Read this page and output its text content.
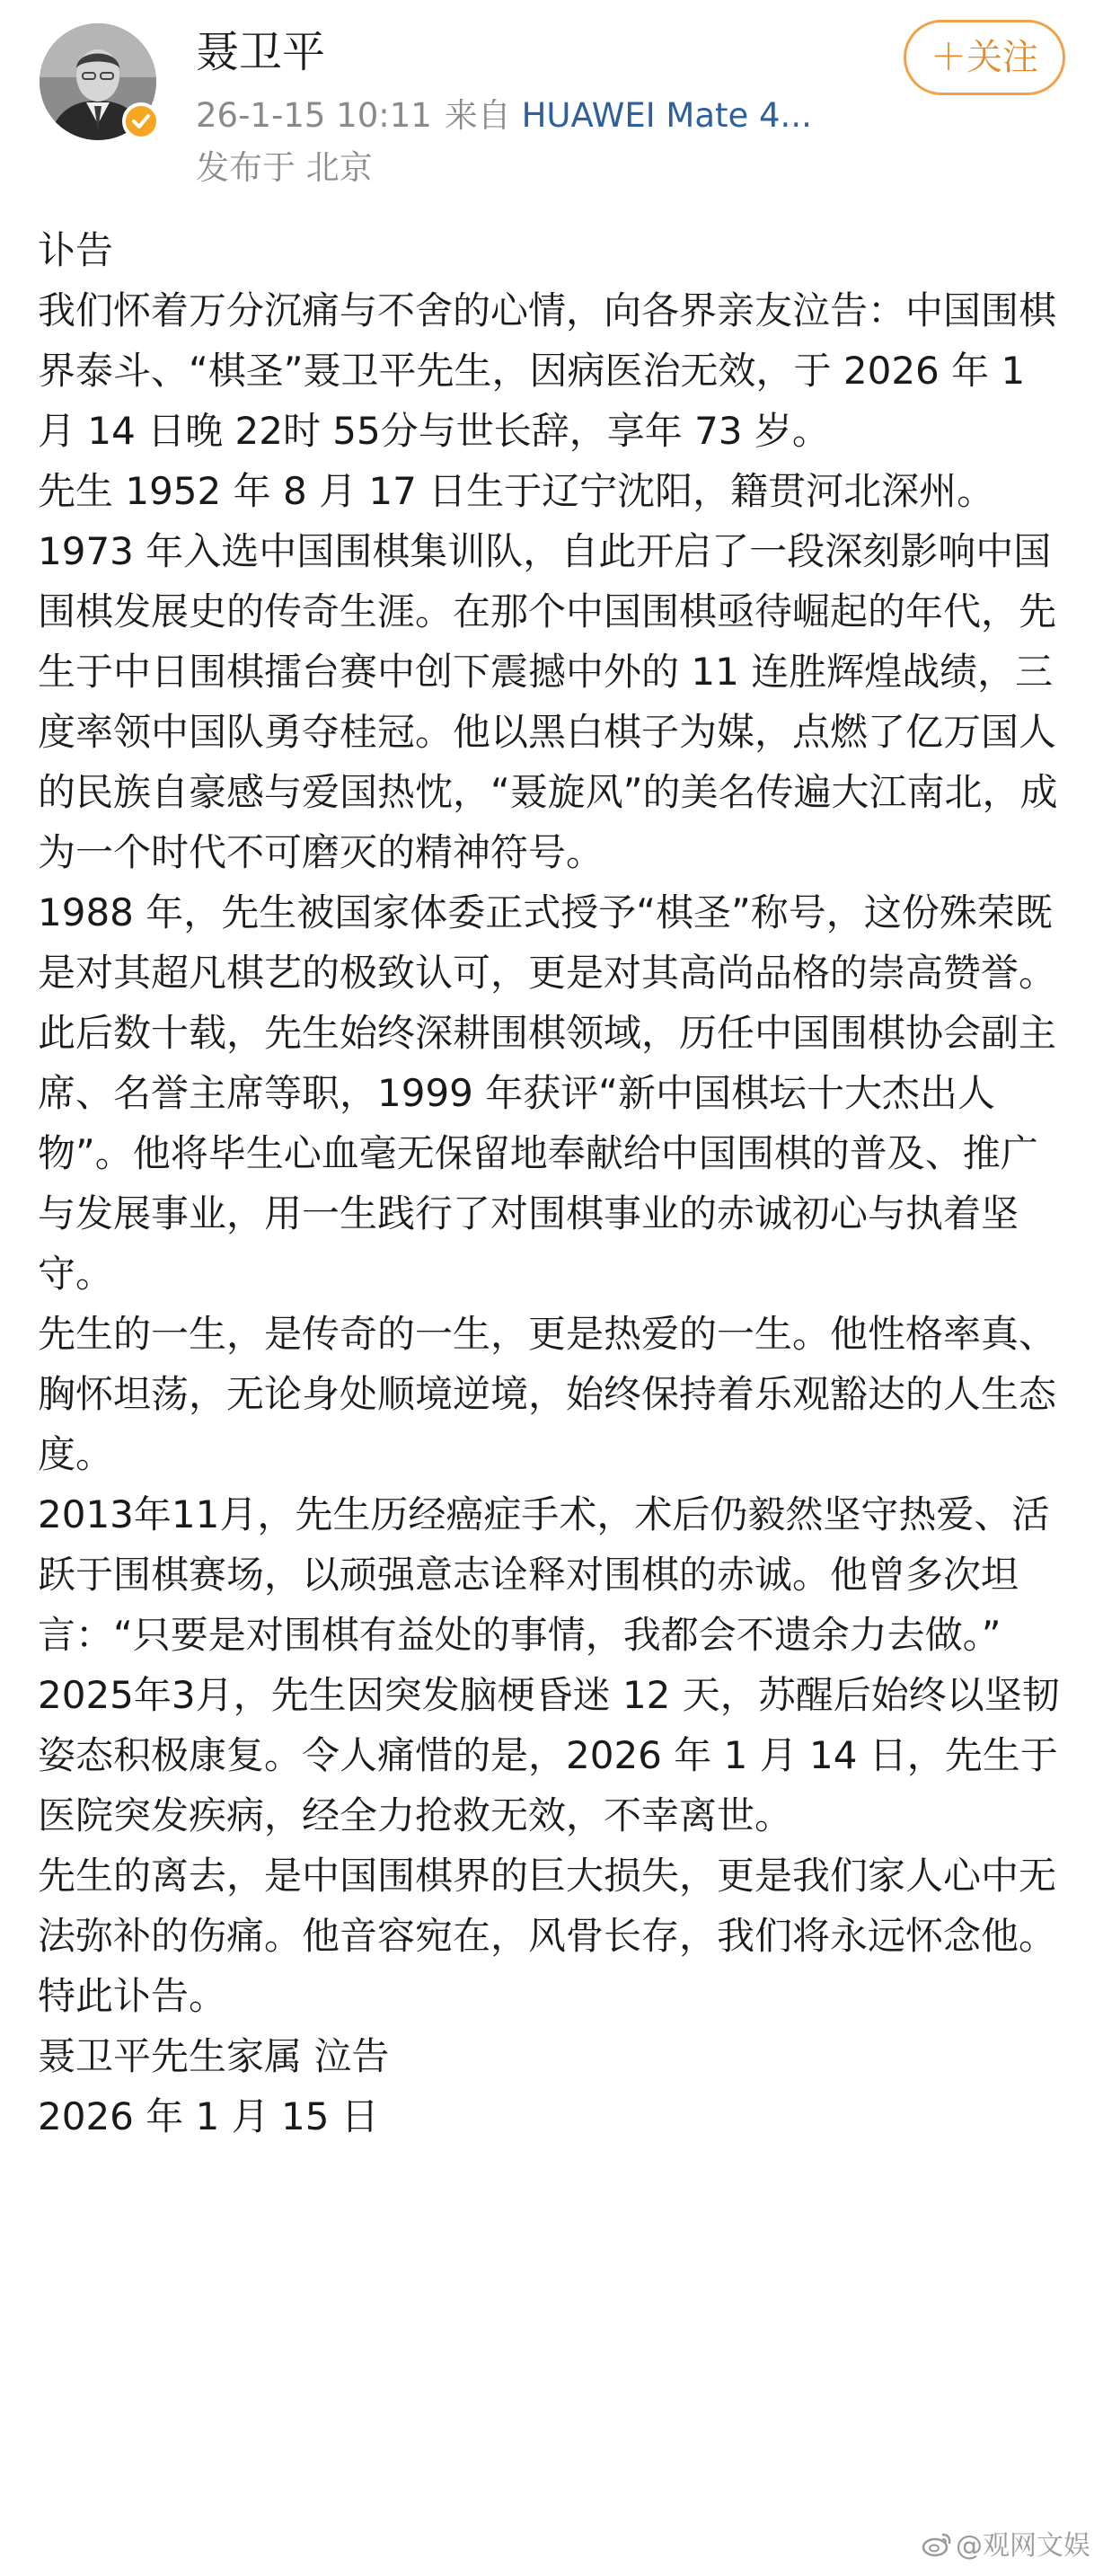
聂卫平
26-1-15 10:11 来自 HUAWEI Mate 4...
发布于 北京
＋关注

讣告

我们怀着万分沉痛与不舍的心情，向各界亲友泣告：中国围棋界泰斗、“棋圣”聂卫平先生，因病医治无效，于 2026 年 1 月 14 日晚 22时 55分与世长辞，享年 73 岁。

先生 1952 年 8 月 17 日生于辽宁沈阳，籍贯河北深州。1973 年入选中国围棋集训队，自此开启了一段深刻影响中国围棋发展史的传奇生涯。在那个中国围棋亟待崛起的年代，先生于中日围棋擂台赛中创下震撼中外的 11 连胜辉煌战绩，三度率领中国队勇夺桂冠。他以黑白棋子为媒，点燃了亿万国人的民族自豪感与爱国热忱，“聂旋风”的美名传遍大江南北，成为一个时代不可磨灭的精神符号。

1988 年，先生被国家体委正式授予“棋圣”称号，这份殊荣既是对其超凡棋艺的极致认可，更是对其高尚品格的崇高赞誉。

此后数十载，先生始终深耕围棋领域，历任中国围棋协会副主席、名誉主席等职，1999 年获评“新中国棋坛十大杰出人物”。他将毕生心血毫无保留地奉献给中国围棋的普及、推广与发展事业，用一生践行了对围棋事业的赤诚初心与执着坚守。

先生的一生，是传奇的一生，更是热爱的一生。他性格率真、胸怀坦荡，无论身处顺境逆境，始终保持着乐观豁达的人生态度。

2013年11月，先生历经癌症手术，术后仍毅然坚守热爱、活跃于围棋赛场，以顽强意志诠释对围棋的赤诚。他曾多次坦言：“只要是对围棋有益处的事情，我都会不遗余力去做。”

2025年3月，先生因突发脑梗昏迷 12 天，苏醒后始终以坚韧姿态积极康复。令人痛惜的是，2026 年 1 月 14 日，先生于医院突发疾病，经全力抢救无效，不幸离世。

先生的离去，是中国围棋界的巨大损失，更是我们家人心中无法弥补的伤痛。他音容宛在，风骨长存，我们将永远怀念他。

特此讣告。

聂卫平先生家属 泣告

2026 年 1 月 15 日

@观网文娱
